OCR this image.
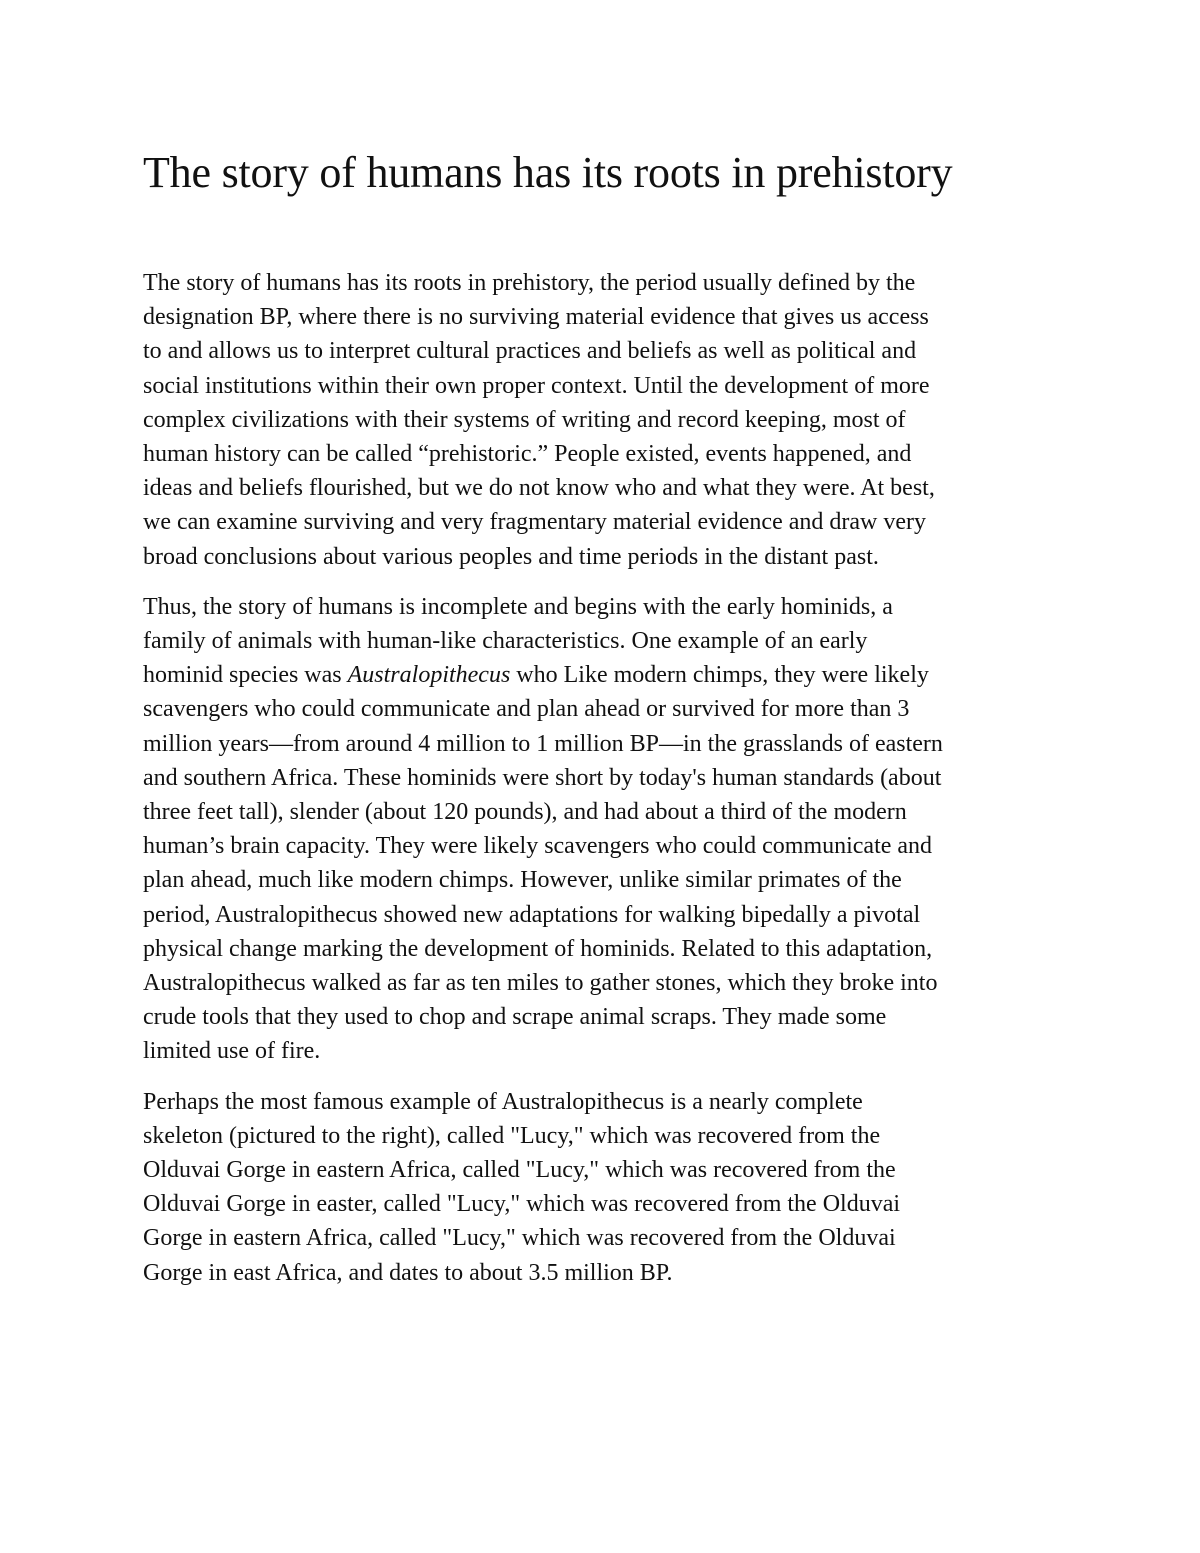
The story of humans has its roots in prehistory

The story of humans has its roots in prehistory, the period usually defined by the
designation BP, where there is no surviving material evidence that gives us access
to and allows us to interpret cultural practices and beliefs as well as political and
social institutions within their own proper context. Until the development of more
complex civilizations with their systems of writing and record keeping, most of
human history can be called “prehistoric.” People existed, events happened, and
ideas and beliefs flourished, but we do not know who and what they were. At best,
we can examine surviving and very fragmentary material evidence and draw very
broad conclusions about various peoples and time periods in the distant past.

Thus, the story of humans is incomplete and begins with the early hominids, a
family of animals with human-like characteristics. One example of an early
hominid species was Australopithecus who Like modern chimps, they were likely
scavengers who could communicate and plan ahead or survived for more than 3
million years—from around 4 million to 1 million BP—in the grasslands of eastern
and southern Africa. These hominids were short by today's human standards (about
three feet tall), slender (about 120 pounds), and had about a third of the modern
human’s brain capacity. They were likely scavengers who could communicate and
plan ahead, much like modern chimps. However, unlike similar primates of the
period, Australopithecus showed new adaptations for walking bipedally a pivotal
physical change marking the development of hominids. Related to this adaptation,
Australopithecus walked as far as ten miles to gather stones, which they broke into
crude tools that they used to chop and scrape animal scraps. They made some
limited use of fire.

Perhaps the most famous example of Australopithecus is a nearly complete
skeleton (pictured to the right), called "Lucy," which was recovered from the
Olduvai Gorge in eastern Africa, called "Lucy," which was recovered from the
Olduvai Gorge in easter, called "Lucy," which was recovered from the Olduvai
Gorge in eastern Africa, called "Lucy," which was recovered from the Olduvai
Gorge in east Africa, and dates to about 3.5 million BP.
